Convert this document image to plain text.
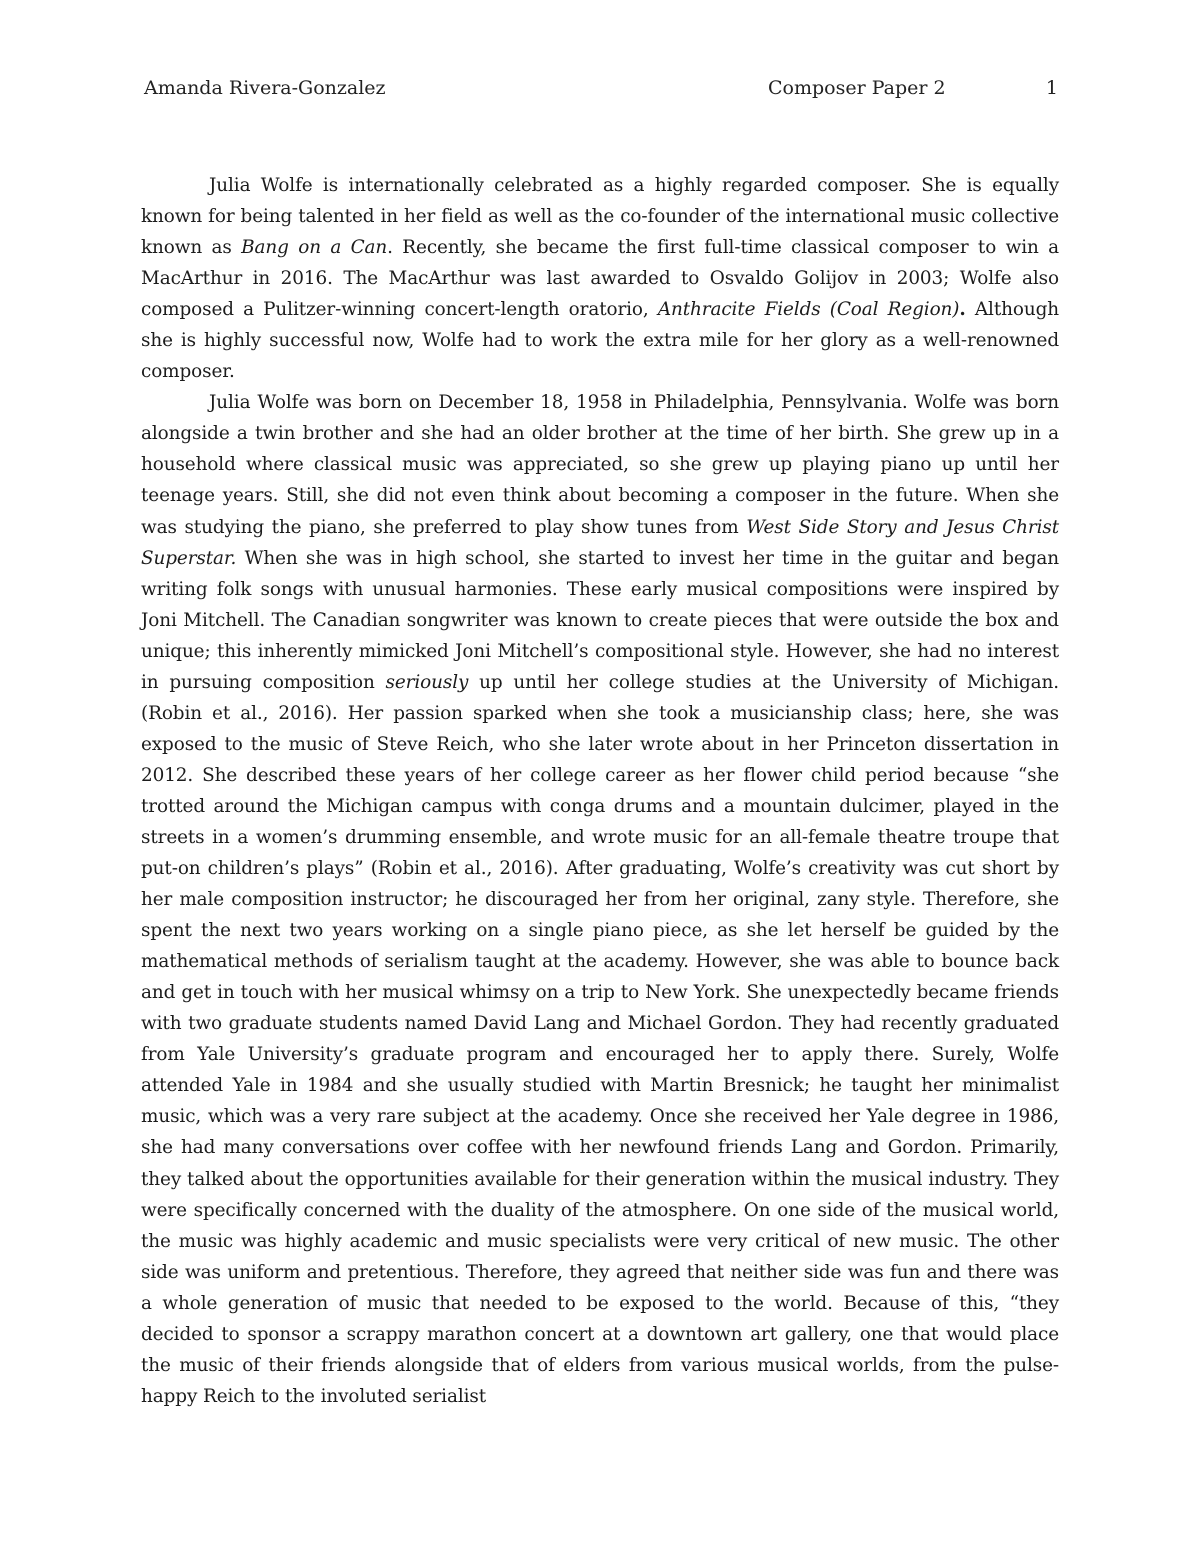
Amanda Rivera-Gonzalez	Composer Paper 2	1

Julia Wolfe is internationally celebrated as a highly regarded composer. She is equally known for being talented in her field as well as the co-founder of the international music collective known as Bang on a Can. Recently, she became the first full-time classical composer to win a MacArthur in 2016. The MacArthur was last awarded to Osvaldo Golijov in 2003; Wolfe also composed a Pulitzer-winning concert-length oratorio, Anthracite Fields (Coal Region). Although she is highly successful now, Wolfe had to work the extra mile for her glory as a well-renowned composer.

Julia Wolfe was born on December 18, 1958 in Philadelphia, Pennsylvania. Wolfe was born alongside a twin brother and she had an older brother at the time of her birth. She grew up in a household where classical music was appreciated, so she grew up playing piano up until her teenage years. Still, she did not even think about becoming a composer in the future. When she was studying the piano, she preferred to play show tunes from West Side Story and Jesus Christ Superstar. When she was in high school, she started to invest her time in the guitar and began writing folk songs with unusual harmonies. These early musical compositions were inspired by Joni Mitchell. The Canadian songwriter was known to create pieces that were outside the box and unique; this inherently mimicked Joni Mitchell’s compositional style. However, she had no interest in pursuing composition seriously up until her college studies at the University of Michigan. (Robin et al., 2016). Her passion sparked when she took a musicianship class; here, she was exposed to the music of Steve Reich, who she later wrote about in her Princeton dissertation in 2012. She described these years of her college career as her flower child period because “she trotted around the Michigan campus with conga drums and a mountain dulcimer, played in the streets in a women’s drumming ensemble, and wrote music for an all-female theatre troupe that put-on children’s plays” (Robin et al., 2016). After graduating, Wolfe’s creativity was cut short by her male composition instructor; he discouraged her from her original, zany style. Therefore, she spent the next two years working on a single piano piece, as she let herself be guided by the mathematical methods of serialism taught at the academy. However, she was able to bounce back and get in touch with her musical whimsy on a trip to New York. She unexpectedly became friends with two graduate students named David Lang and Michael Gordon. They had recently graduated from Yale University’s graduate program and encouraged her to apply there. Surely, Wolfe attended Yale in 1984 and she usually studied with Martin Bresnick; he taught her minimalist music, which was a very rare subject at the academy. Once she received her Yale degree in 1986, she had many conversations over coffee with her newfound friends Lang and Gordon. Primarily, they talked about the opportunities available for their generation within the musical industry. They were specifically concerned with the duality of the atmosphere. On one side of the musical world, the music was highly academic and music specialists were very critical of new music. The other side was uniform and pretentious. Therefore, they agreed that neither side was fun and there was a whole generation of music that needed to be exposed to the world. Because of this, “they decided to sponsor a scrappy marathon concert at a downtown art gallery, one that would place the music of their friends alongside that of elders from various musical worlds, from the pulse-happy Reich to the involuted serialist
